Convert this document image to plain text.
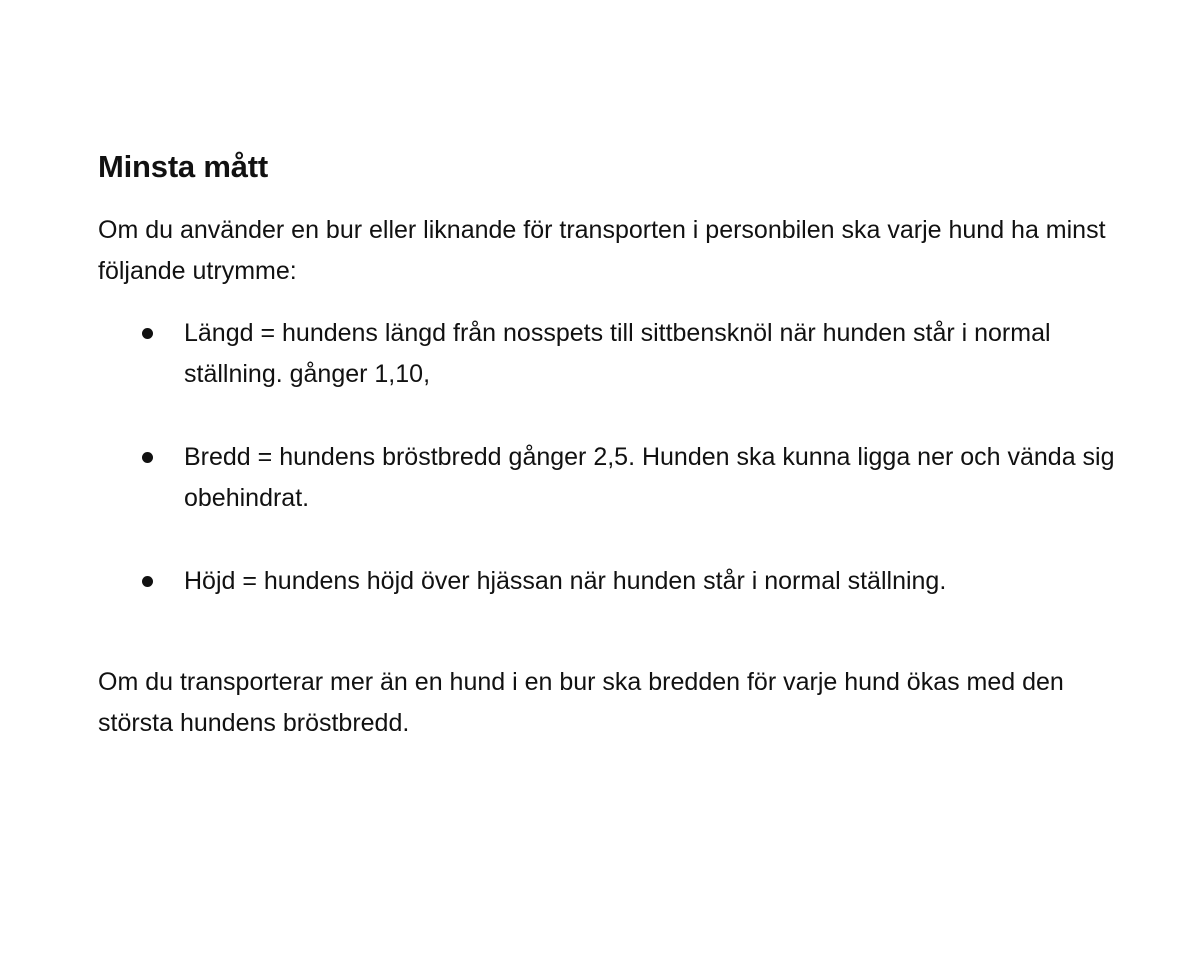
Minsta mått

Om du använder en bur eller liknande för transporten i personbilen ska varje hund ha minst följande utrymme:

Längd = hundens längd från nosspets till sittbensknöl när hunden står i normal ställning. gånger 1,10,
Bredd = hundens bröstbredd gånger 2,5. Hunden ska kunna ligga ner och vända sig obehindrat.
Höjd = hundens höjd över hjässan när hunden står i normal ställning.

Om du transporterar mer än en hund i en bur ska bredden för varje hund ökas med den största hundens bröstbredd.
